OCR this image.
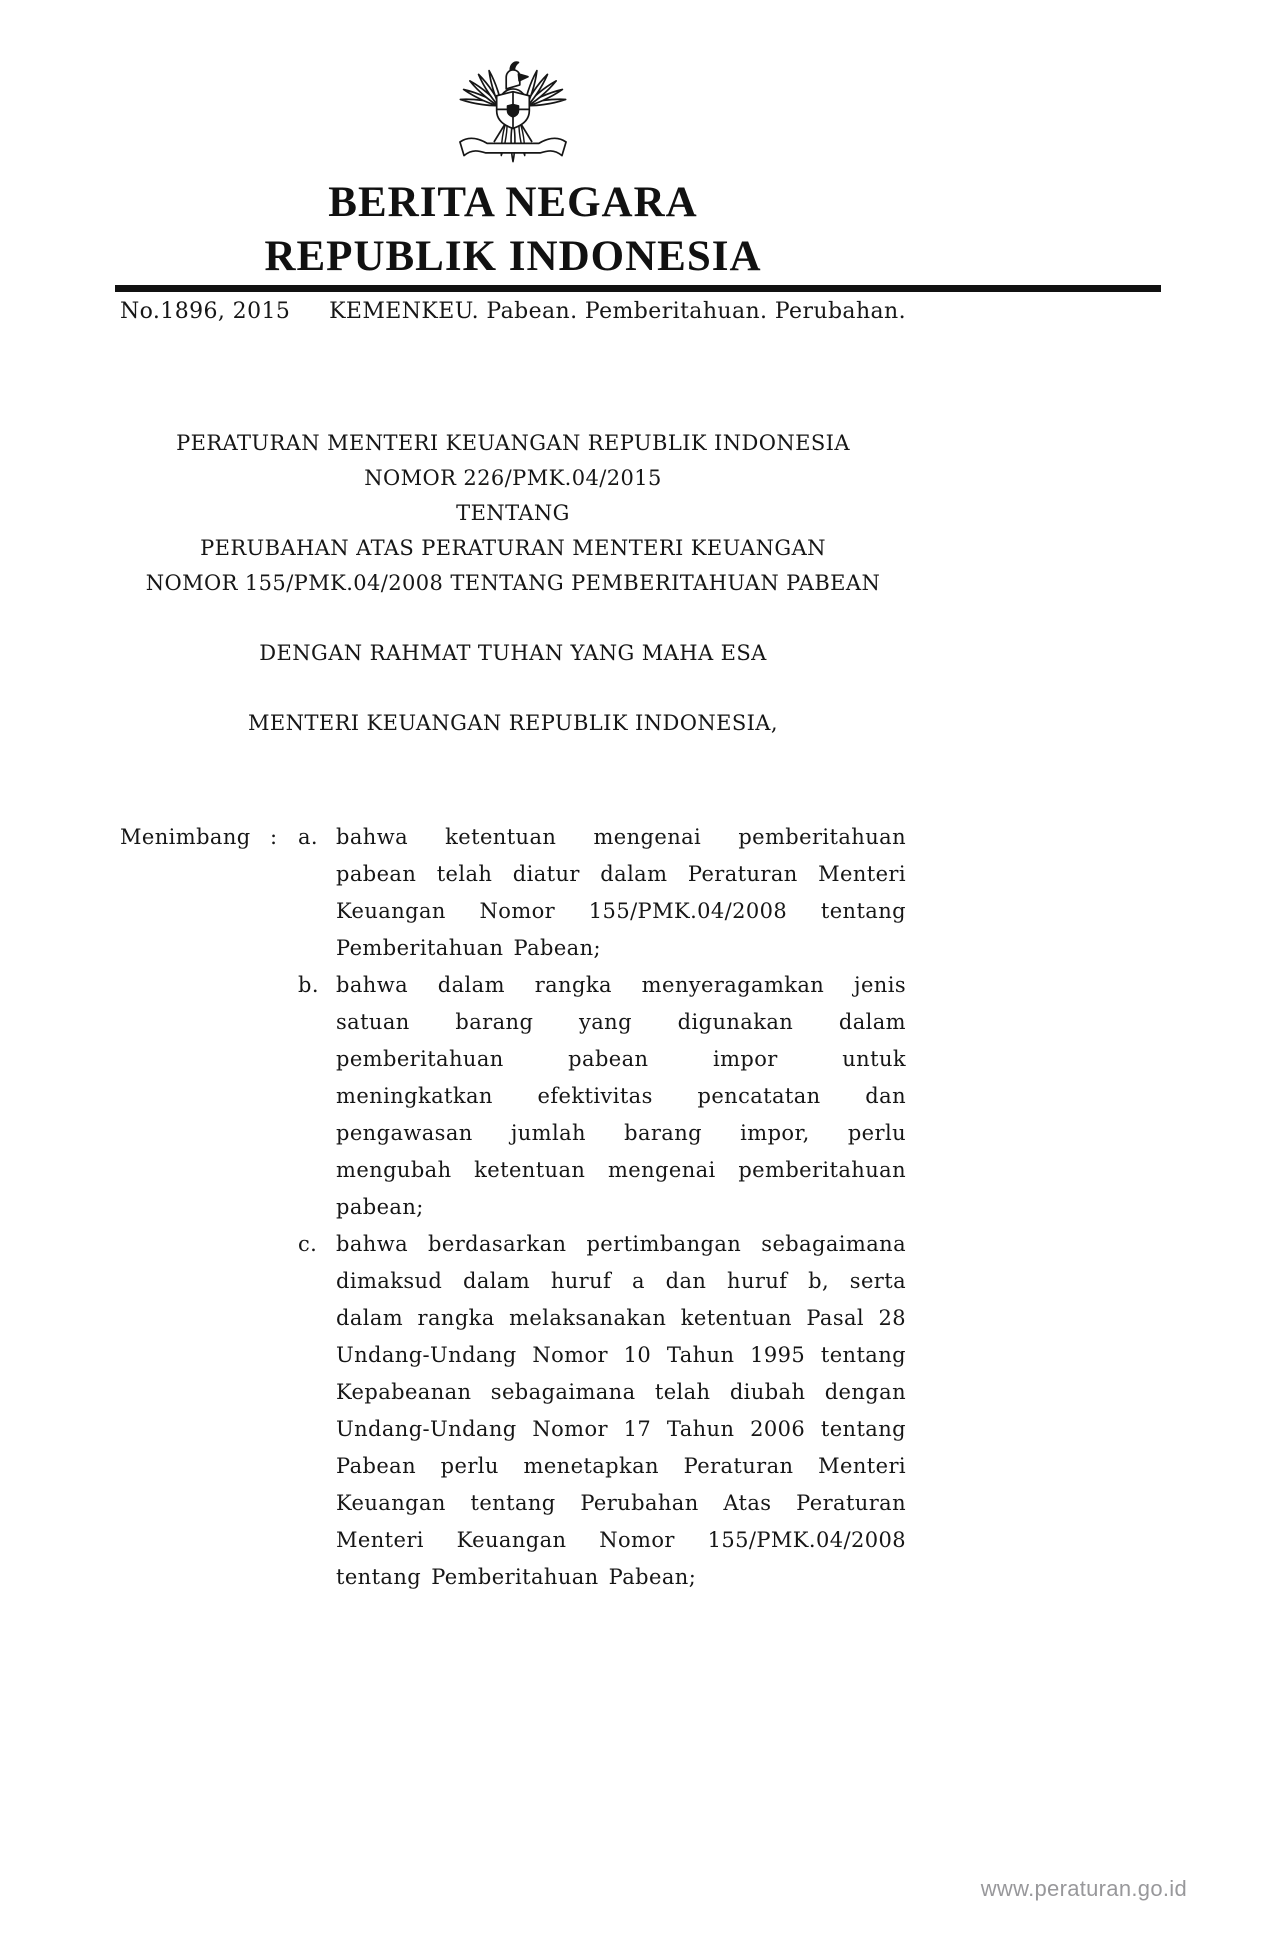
BERITA NEGARA
REPUBLIK INDONESIA
No.1896, 2015 KEMENKEU. Pabean. Pemberitahuan. Perubahan.
PERATURAN MENTERI KEUANGAN REPUBLIK INDONESIA
NOMOR 226/PMK.04/2015
TENTANG
PERUBAHAN ATAS PERATURAN MENTERI KEUANGAN
NOMOR 155/PMK.04/2008 TENTANG PEMBERITAHUAN PABEAN
DENGAN RAHMAT TUHAN YANG MAHA ESA
MENTERI KEUANGAN REPUBLIK INDONESIA,
Menimbang : a. bahwa ketentuan mengenai pemberitahuan pabean telah diatur dalam Peraturan Menteri Keuangan Nomor 155/PMK.04/2008 tentang Pemberitahuan Pabean;
b. bahwa dalam rangka menyeragamkan jenis satuan barang yang digunakan dalam pemberitahuan pabean impor untuk meningkatkan efektivitas pencatatan dan pengawasan jumlah barang impor, perlu mengubah ketentuan mengenai pemberitahuan pabean;
c. bahwa berdasarkan pertimbangan sebagaimana dimaksud dalam huruf a dan huruf b, serta dalam rangka melaksanakan ketentuan Pasal 28 Undang-Undang Nomor 10 Tahun 1995 tentang Kepabeanan sebagaimana telah diubah dengan Undang-Undang Nomor 17 Tahun 2006 tentang Pabean perlu menetapkan Peraturan Menteri Keuangan tentang Perubahan Atas Peraturan Menteri Keuangan Nomor 155/PMK.04/2008 tentang Pemberitahuan Pabean;
www.peraturan.go.id
